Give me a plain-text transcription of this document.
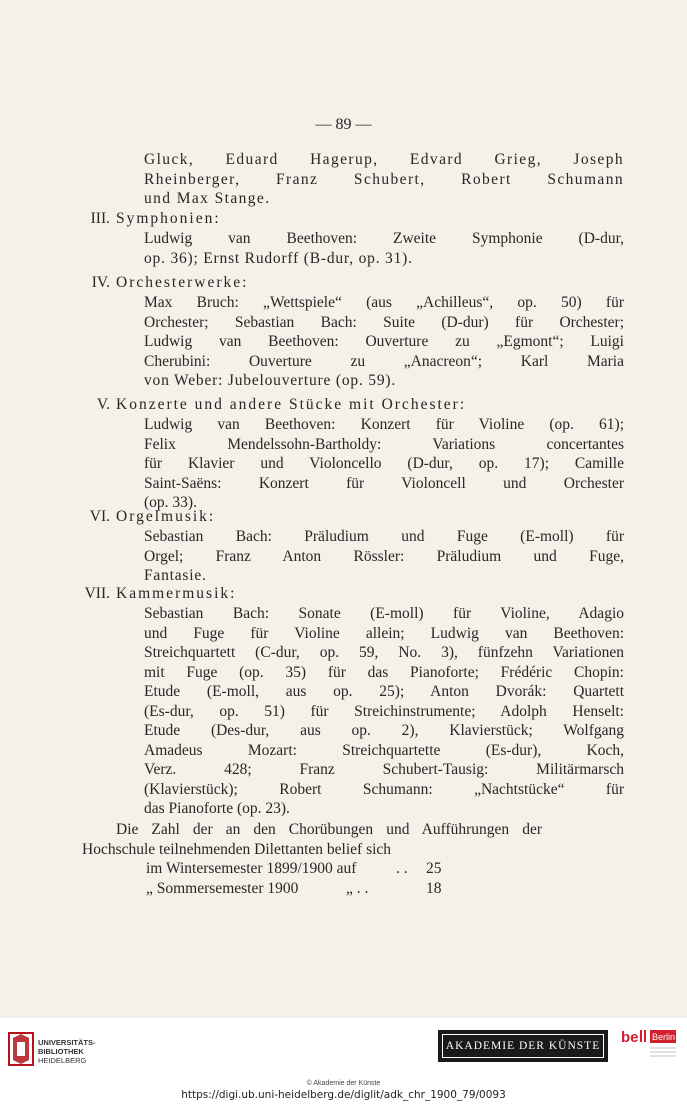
— 89 —
Gluck, Eduard Hagerup, Edvard Grieg, Joseph
Rheinberger, Franz Schubert, Robert Schumann
und Max Stange.
III. Symphonien:
Ludwig van Beethoven: Zweite Symphonie (D-dur,
op. 36); Ernst Rudorff (B-dur, op. 31).
IV. Orchesterwerke:
Max Bruch: „Wettspiele“ (aus „Achilleus“, op. 50) für
Orchester; Sebastian Bach: Suite (D-dur) für Orchester;
Ludwig van Beethoven: Ouverture zu „Egmont“; Luigi
Cherubini: Ouverture zu „Anacreon“; Karl Maria
von Weber: Jubelouverture (op. 59).
V. Konzerte und andere Stücke mit Orchester:
Ludwig van Beethoven: Konzert für Violine (op. 61);
Felix Mendelssohn-Bartholdy: Variations concertantes
für Klavier und Violoncello (D-dur, op. 17); Camille
Saint-Saëns: Konzert für Violoncell und Orchester
(op. 33).
VI. Orgelmusik:
Sebastian Bach: Präludium und Fuge (E-moll) für
Orgel; Franz Anton Rössler: Präludium und Fuge,
Fantasie.
VII. Kammermusik:
Sebastian Bach: Sonate (E-moll) für Violine, Adagio
und Fuge für Violine allein; Ludwig van Beethoven:
Streichquartett (C-dur, op. 59, No. 3), fünfzehn Variationen
mit Fuge (op. 35) für das Pianoforte; Frédéric Chopin:
Etude (E-moll, aus op. 25); Anton Dvorák: Quartett
(Es-dur, op. 51) für Streichinstrumente; Adolph Henselt:
Etude (Des-dur, aus op. 2), Klavierstück; Wolfgang
Amadeus Mozart: Streichquartette (Es-dur), Koch,
Verz. 428; Franz Schubert-Tausig: Militärmarsch
(Klavierstück); Robert Schumann: „Nachtstücke“ für
das Pianoforte (op. 23).
Die Zahl der an den Chorübungen und Aufführungen der
Hochschule teilnehmenden Dilettanten belief sich
im Wintersemester 1899/1900 auf	. . 25
„ Sommersemester 1900	„ . .	18
UNIVERSITÄTS-
BIBLIOTHEK
HEIDELBERG
AKADEMIE DER KÜNSTE be Berlin
© Akademie der Künste
https://digi.ub.uni-heidelberg.de/diglit/adk_chr_1900_79/0093
